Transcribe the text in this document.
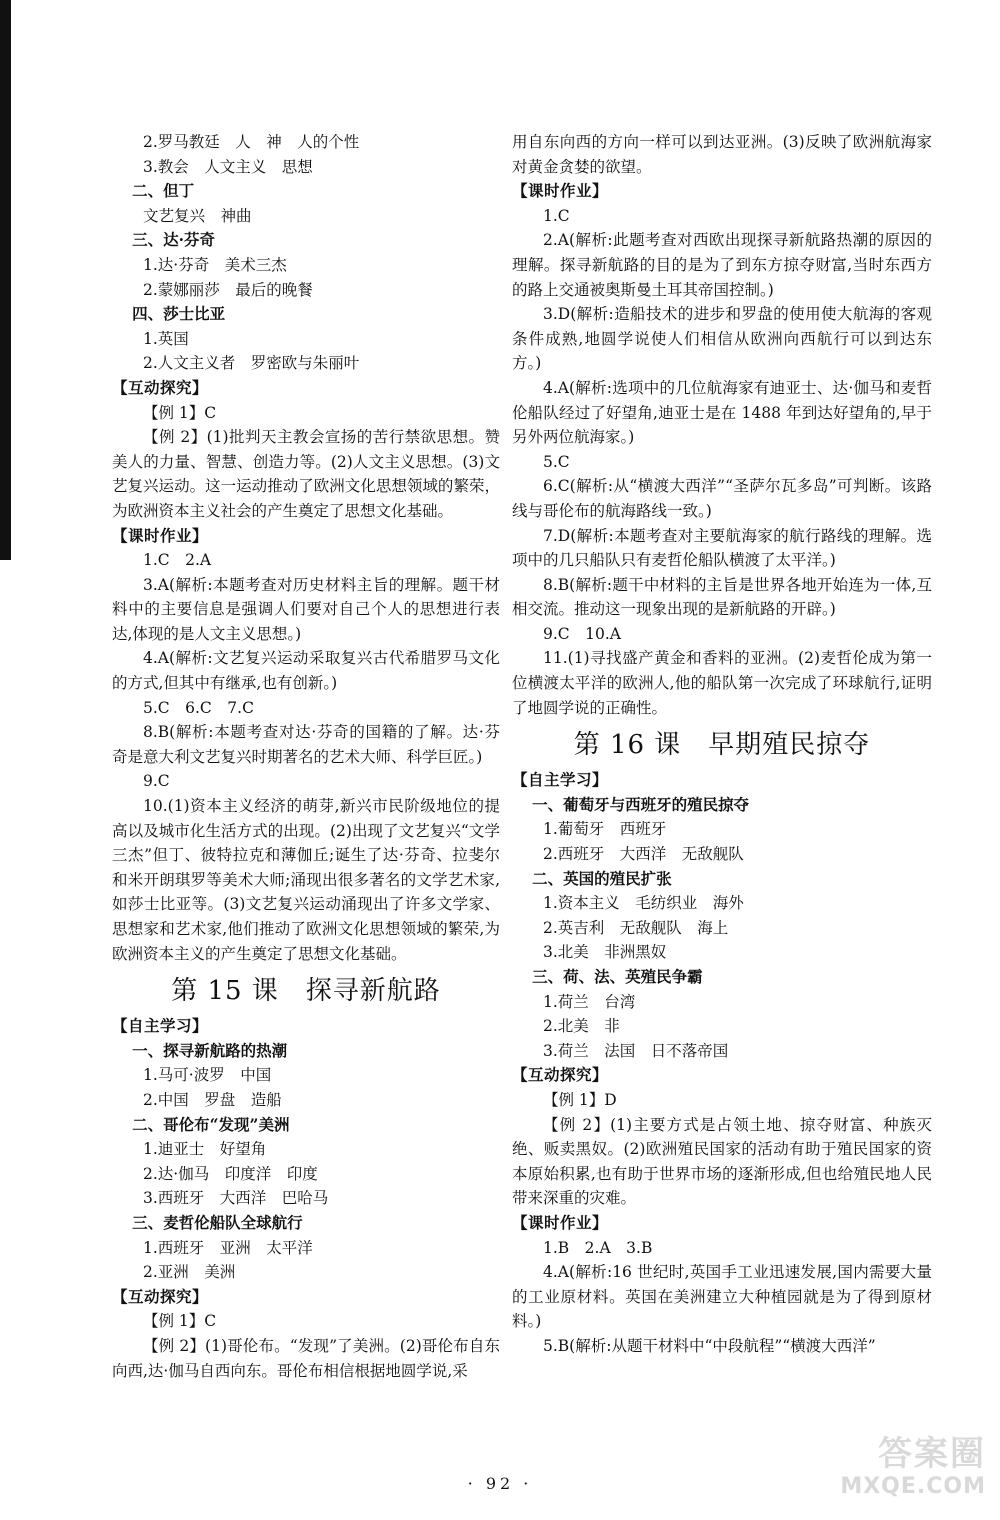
2.罗马教廷　人　神　人的个性

3.教会　人文主义　思想

二、但丁

文艺复兴　神曲

三、达·芬奇

1.达·芬奇　美术三杰

2.蒙娜丽莎　最后的晚餐

四、莎士比亚

1.英国

2.人文主义者　罗密欧与朱丽叶

【互动探究】

【例 1】C

【例 2】(1)批判天主教会宣扬的苦行禁欲思想。赞美人的力量、智慧、创造力等。(2)人文主义思想。(3)文艺复兴运动。这一运动推动了欧洲文化思想领域的繁荣，为欧洲资本主义社会的产生奠定了思想文化基础。

【课时作业】

1.C　2.A

3.A(解析:本题考查对历史材料主旨的理解。题干材料中的主要信息是强调人们要对自己个人的思想进行表达,体现的是人文主义思想。)

4.A(解析:文艺复兴运动采取复兴古代希腊罗马文化的方式,但其中有继承,也有创新。)

5.C　6.C　7.C

8.B(解析:本题考查对达·芬奇的国籍的了解。达·芬奇是意大利文艺复兴时期著名的艺术大师、科学巨匠。)

9.C

10.(1)资本主义经济的萌芽,新兴市民阶级地位的提高以及城市化生活方式的出现。(2)出现了文艺复兴“文学三杰”但丁、彼特拉克和薄伽丘;诞生了达·芬奇、拉斐尔和米开朗琪罗等美术大师;涌现出很多著名的文学艺术家,如莎士比亚等。(3)文艺复兴运动涌现出了许多文学家、思想家和艺术家,他们推动了欧洲文化思想领域的繁荣,为欧洲资本主义的产生奠定了思想文化基础。

第 15 课　探寻新航路

【自主学习】

一、探寻新航路的热潮

1.马可·波罗　中国

2.中国　罗盘　造船

二、哥伦布“发现”美洲

1.迪亚士　好望角

2.达·伽马　印度洋　印度

3.西班牙　大西洋　巴哈马

三、麦哲伦船队全球航行

1.西班牙　亚洲　太平洋

2.亚洲　美洲

【互动探究】

【例 1】C

【例 2】(1)哥伦布。“发现”了美洲。(2)哥伦布自东向西,达·伽马自西向东。哥伦布相信根据地圆学说,采

用自东向西的方向一样可以到达亚洲。(3)反映了欧洲航海家对黄金贪婪的欲望。

【课时作业】

1.C

2.A(解析:此题考查对西欧出现探寻新航路热潮的原因的理解。探寻新航路的目的是为了到东方掠夺财富,当时东西方的路上交通被奥斯曼土耳其帝国控制。)

3.D(解析:造船技术的进步和罗盘的使用使大航海的客观条件成熟,地圆学说使人们相信从欧洲向西航行可以到达东方。)

4.A(解析:选项中的几位航海家有迪亚士、达·伽马和麦哲伦船队经过了好望角,迪亚士是在 1488 年到达好望角的,早于另外两位航海家。)

5.C

6.C(解析:从“横渡大西洋”“圣萨尔瓦多岛”可判断。该路线与哥伦布的航海路线一致。)

7.D(解析:本题考查对主要航海家的航行路线的理解。选项中的几只船队只有麦哲伦船队横渡了太平洋。)

8.B(解析:题干中材料的主旨是世界各地开始连为一体,互相交流。推动这一现象出现的是新航路的开辟。)

9.C　10.A

11.(1)寻找盛产黄金和香料的亚洲。(2)麦哲伦成为第一位横渡太平洋的欧洲人,他的船队第一次完成了环球航行,证明了地圆学说的正确性。

第 16 课　早期殖民掠夺

【自主学习】

一、葡萄牙与西班牙的殖民掠夺

1.葡萄牙　西班牙

2.西班牙　大西洋　无敌舰队

二、英国的殖民扩张

1.资本主义　毛纺织业　海外

2.英吉利　无敌舰队　海上

3.北美　非洲黑奴

三、荷、法、英殖民争霸

1.荷兰　台湾

2.北美　非

3.荷兰　法国　日不落帝国

【互动探究】

【例 1】D

【例 2】(1)主要方式是占领土地、掠夺财富、种族灭绝、贩卖黑奴。(2)欧洲殖民国家的活动有助于殖民国家的资本原始积累,也有助于世界市场的逐渐形成,但也给殖民地人民带来深重的灾难。

【课时作业】

1.B　2.A　3.B

4.A(解析:16 世纪时,英国手工业迅速发展,国内需要大量的工业原材料。英国在美洲建立大种植园就是为了得到原材料。)

5.B(解析:从题干材料中“中段航程”“横渡大西洋”

· 92 ·
答案圈
MXQE.COM
